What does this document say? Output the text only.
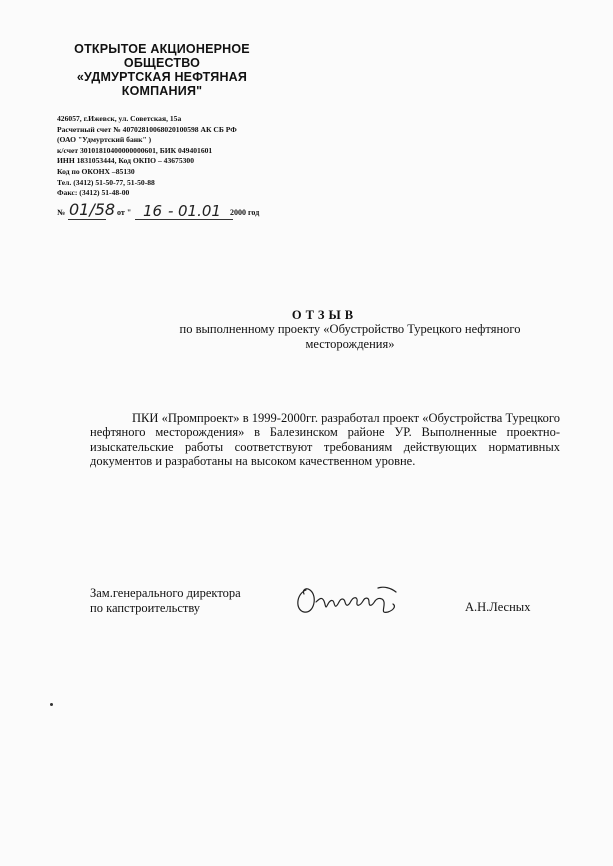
ОТКРЫТОЕ АКЦИОНЕРНОЕ
ОБЩЕСТВО
«УДМУРТСКАЯ НЕФТЯНАЯ
КОМПАНИЯ"
426057, г.Ижевск, ул. Советская, 15а
Расчетный счет № 40702810068020100598 АК СБ РФ
(ОАО "Удмуртский банк" )
к/счет 30101810400000000601, БИК 049401601
ИНН 1831053444, Код ОКПО – 43675300
Код по ОКОНХ –85130
Тел. (3412) 51-50-77, 51-50-88
Факс: (3412) 51-48-00
№ 01/58 от " 16 - 01.01 2000 год
ОТЗЫВ
по выполненному проекту «Обустройство Турецкого нефтяного месторождения»
ПКИ «Промпроект» в 1999-2000гг. разработал проект «Обустройства Турецкого нефтяного месторождения» в Балезинском районе УР. Выполненные проектно-изыскательские работы соответствуют требованиям действующих нормативных документов и разработаны на высоком качественном уровне.
Зам.генерального директора
по капстроительству	А.Н.Лесных
